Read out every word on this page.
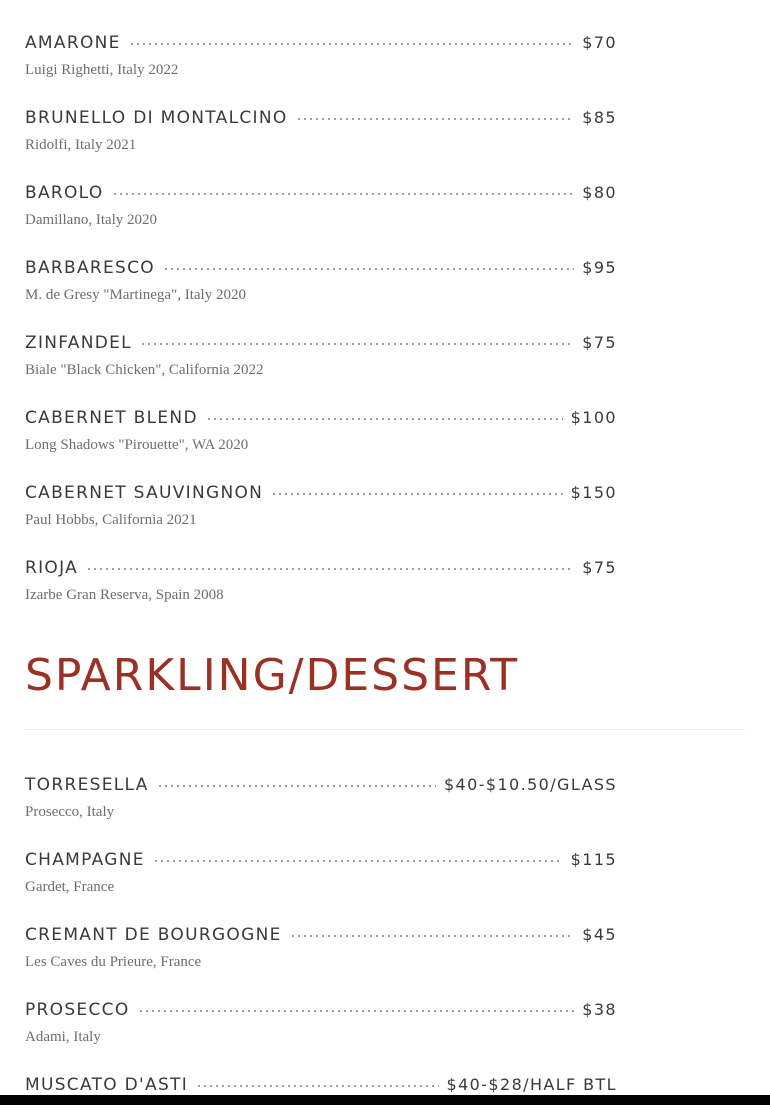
AMARONE	$70
Luigi Righetti, Italy 2022
BRUNELLO DI MONTALCINO	$85
Ridolfi, Italy 2021
BAROLO	$80
Damillano, Italy 2020
BARBARESCO	$95
M. de Gresy "Martinega", Italy 2020
ZINFANDEL	$75
Biale "Black Chicken", California 2022
CABERNET BLEND	$100
Long Shadows "Pirouette", WA 2020
CABERNET SAUVINGNON	$150
Paul Hobbs, California 2021
RIOJA	$75
Izarbe Gran Reserva, Spain 2008
SPARKLING/DESSERT
TORRESELLA	$40-$10.50/GLASS
Prosecco, Italy
CHAMPAGNE	$115
Gardet, France
CREMANT DE BOURGOGNE	$45
Les Caves du Prieure, France
PROSECCO	$38
Adami, Italy
MUSCATO D'ASTI	$40-$28/HALF BTL
